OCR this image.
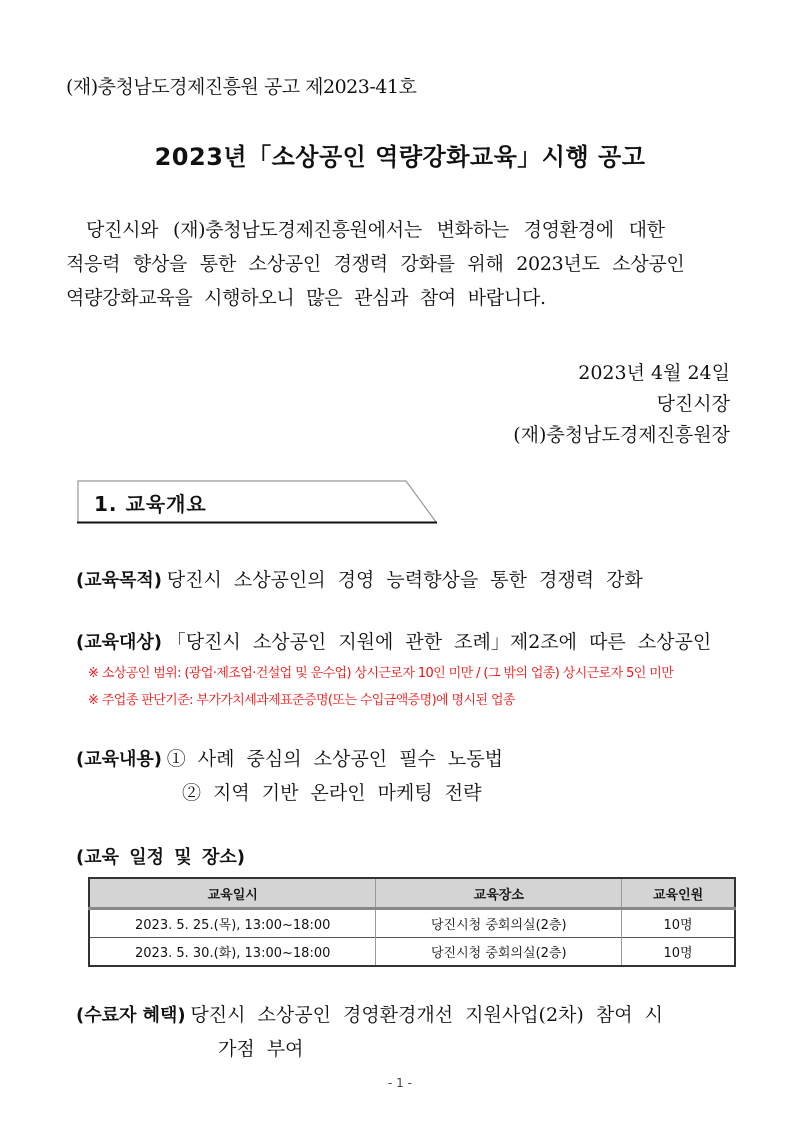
(재)충청남도경제진흥원 공고 제2023-41호
2023년「소상공인 역량강화교육」시행 공고
당진시와 (재)충청남도경제진흥원에서는 변화하는 경영환경에 대한
적응력 향상을 통한 소상공인 경쟁력 강화를 위해 2023년도 소상공인
역량강화교육을 시행하오니 많은 관심과 참여 바랍니다.
2023년 4월 24일
당진시장
(재)충청남도경제진흥원장
1. 교육개요
(교육목적) 당진시 소상공인의 경영 능력향상을 통한 경쟁력 강화
(교육대상) 「당진시 소상공인 지원에 관한 조례」제2조에 따른 소상공인
※ 소상공인 범위: (광업·제조업·건설업 및 운수업) 상시근로자 10인 미만 / (그 밖의 업종) 상시근로자 5인 미만
※ 주업종 판단기준: 부가가치세과제표준증명(또는 수입금액증명)에 명시된 업종
(교육내용) ① 사례 중심의 소상공인 필수 노동법
② 지역 기반 온라인 마케팅 전략
(교육 일정 및 장소)
교육일시	교육장소	교육인원
2023. 5. 25.(목), 13:00~18:00	당진시청 중회의실(2층)	10명
2023. 5. 30.(화), 13:00~18:00	당진시청 중회의실(2층)	10명
(수료자 혜택) 당진시 소상공인 경영환경개선 지원사업(2차) 참여 시
가점 부여
- 1 -
